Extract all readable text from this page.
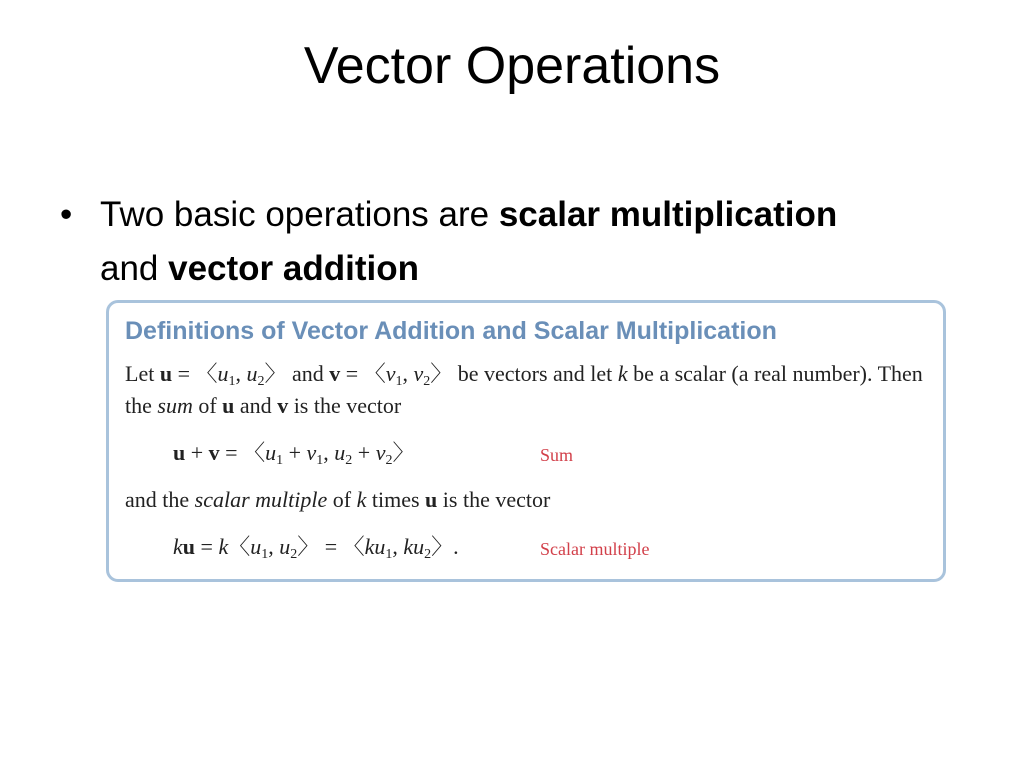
Vector Operations
• Two basic operations are scalar multiplication
and vector addition
Definitions of Vector Addition and Scalar Multiplication
Let u = 〈$u_1$, $u_2$〉 and v = 〈$v_1$, $v_2$〉 be vectors and let k be a scalar (a real number). Then the sum of u and v is the vector
u + v = 〈$u_1 + v_1$, $u_2 + v_2$〉	Sum
and the scalar multiple of k times u is the vector
ku = k〈$u_1$, $u_2$〉 = 〈$ku_1$, $ku_2$〉.	Scalar multiple
